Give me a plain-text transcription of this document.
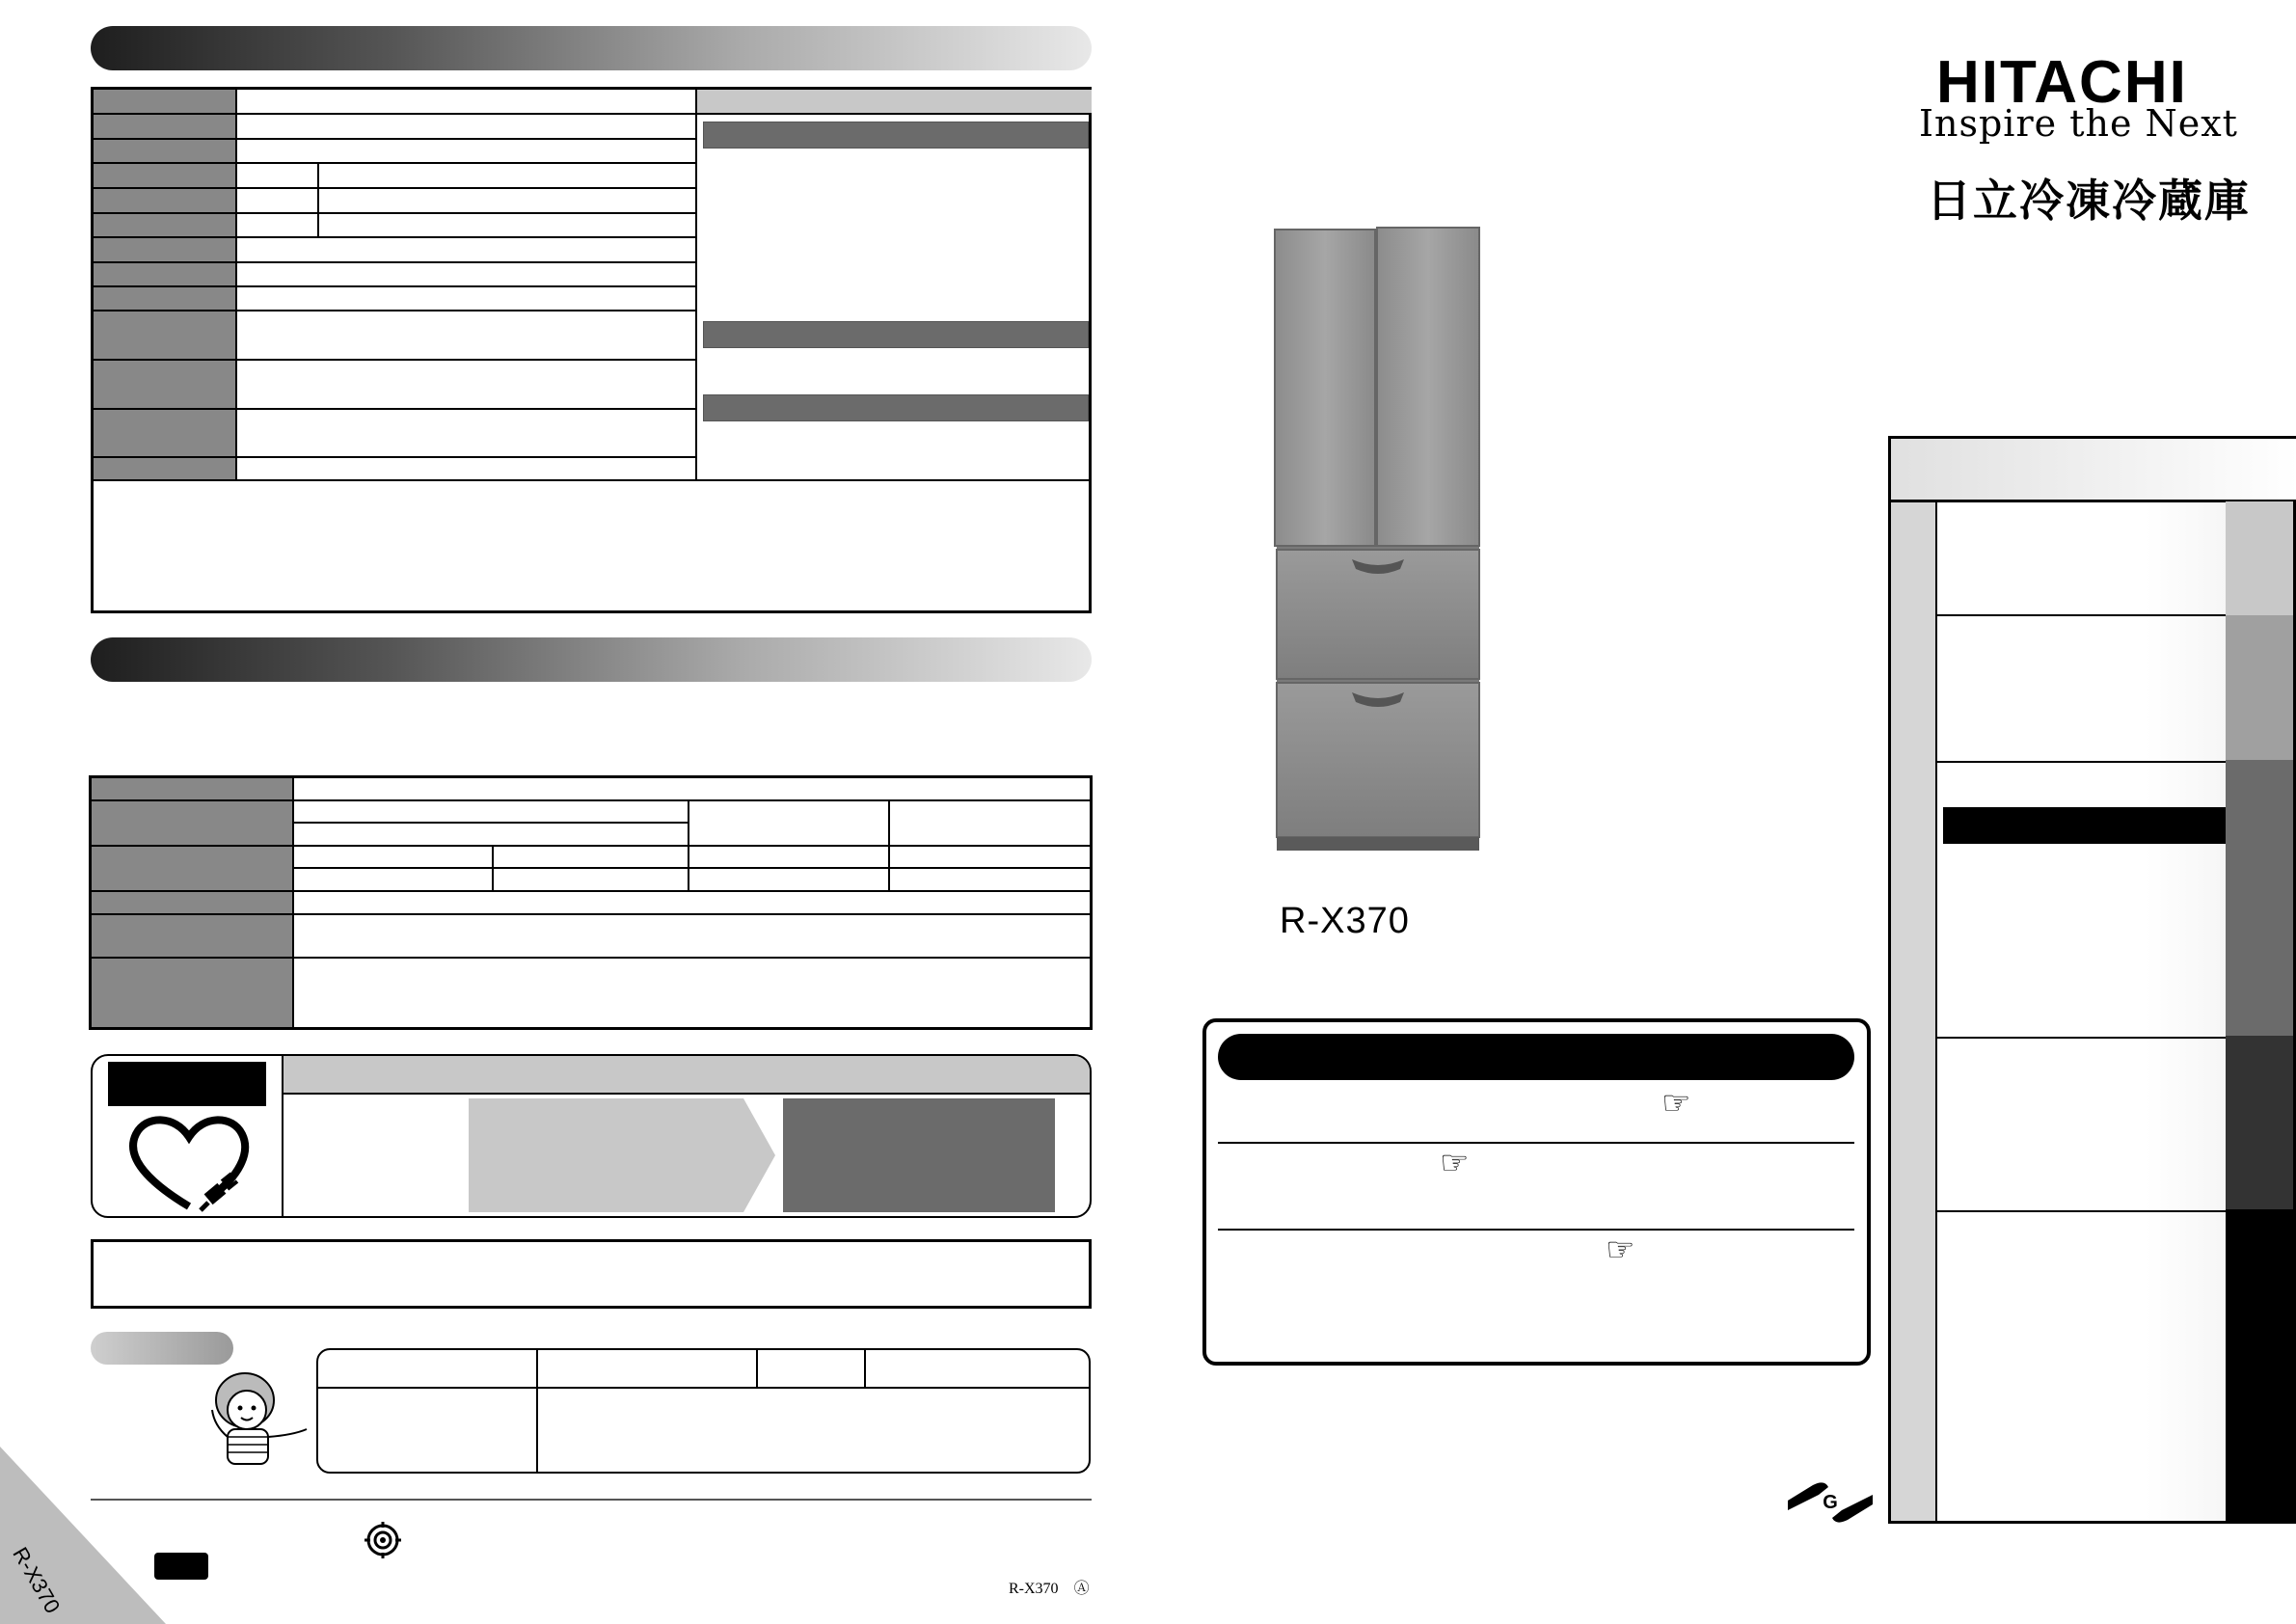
R-X370 Ⓐ
R-X370
HITACHI
Inspire the Next
日立冷凍冷蔵庫
R-X370
☞
☞
☞
G
